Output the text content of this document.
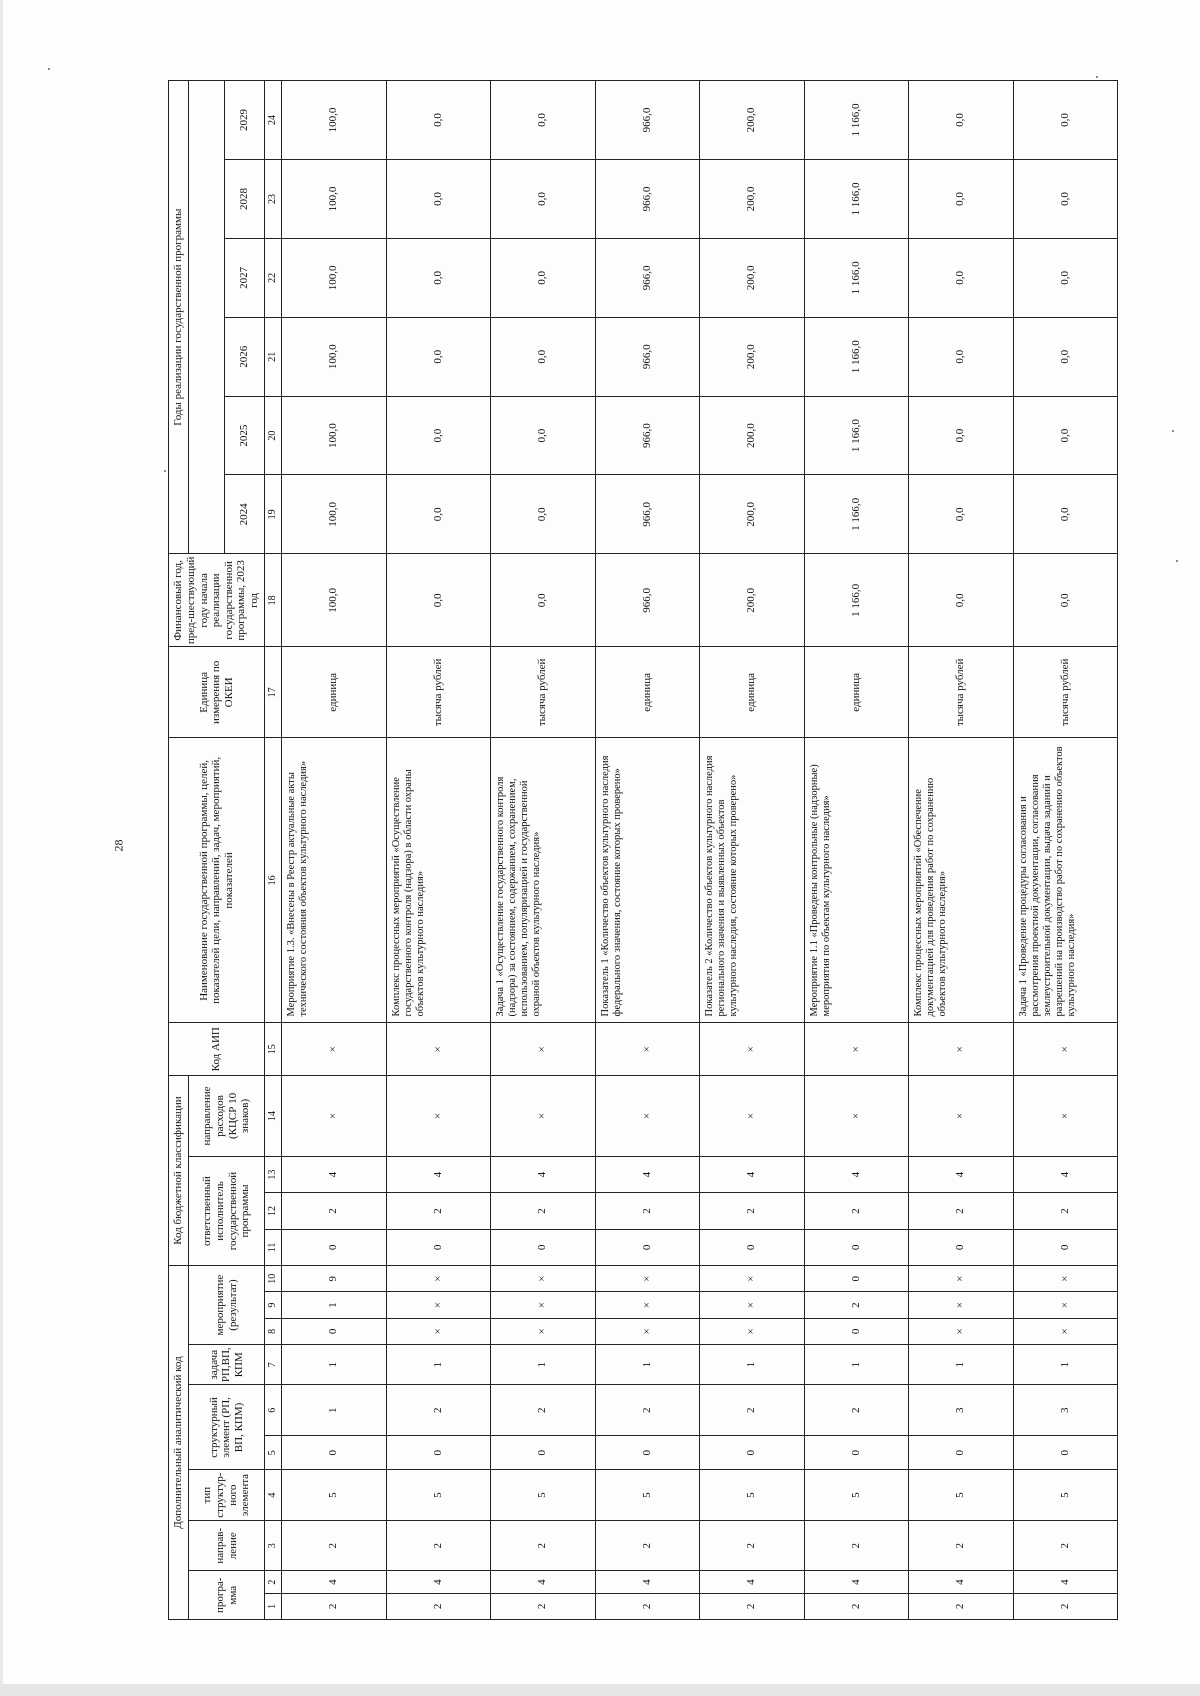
28
Дополнительный аналитический код										Код бюджетной классификации				Код АИП	Наименование государственной программы, целей, показателей цели, направлений, задач, мероприятий, показателей	Единица измерения по ОКЕИ	Финансовый год, пред-шествующий году начала реализации государственной программы, 2023 год	Годы реализации государственной программы					
програ-мма		направ-ление	тип структур-ного элемента	структурный элемент (РП, ВП, КПМ)		задача РП,ВП, КПМ	мероприятие (результат)			ответственный исполнитель государственной программы			направление расходов (КЦСР 10 знаков)										
																		2024	2025	2026	2027	2028	2029
1	2	3	4	5	6	7	8	9	10	11	12	13	14	15	16	17	18	19	20	21	22	23	24
2	4	2	5	0	1	1	0	1	9	0	2	4	×	×	Мероприятие 1.3. «Внесены в Реестр актуальные акты технического состояния объектов культурного наследия»	единица	100,0	100,0	100,0	100,0	100,0	100,0	100,0
2	4	2	5	0	2	1	×	×	×	0	2	4	×	×	Комплекс процессных мероприятий «Осуществление государственного контроля (надзора) в области охраны объектов культурного наследия»	тысяча рублей	0,0	0,0	0,0	0,0	0,0	0,0	0,0
2	4	2	5	0	2	1	×	×	×	0	2	4	×	×	Задача 1 «Осуществление государственного контроля (надзора) за состоянием, содержанием, сохранением, использованием, популяризацией и государственной охраной объектов культурного наследия»	тысяча рублей	0,0	0,0	0,0	0,0	0,0	0,0	0,0
2	4	2	5	0	2	1	×	×	×	0	2	4	×	×	Показатель 1 «Количество объектов культурного наследия федерального значения, состояние которых проверено»	единица	966,0	966,0	966,0	966,0	966,0	966,0	966,0
2	4	2	5	0	2	1	×	×	×	0	2	4	×	×	Показатель 2 «Количество объектов культурного наследия регионального значения и выявленных объектов культурного наследия, состояние которых проверено»	единица	200,0	200,0	200,0	200,0	200,0	200,0	200,0
2	4	2	5	0	2	1	0	2	0	0	2	4	×	×	Мероприятие 1.1 «Проведены контрольные (надзорные) мероприятия по объектам культурного наследия»	единица	1 166,0	1 166,0	1 166,0	1 166,0	1 166,0	1 166,0	1 166,0
2	4	2	5	0	3	1	×	×	×	0	2	4	×	×	Комплекс процессных мероприятий «Обеспечение документацией для проведения работ по сохранению объектов культурного наследия»	тысяча рублей	0,0	0,0	0,0	0,0	0,0	0,0	0,0
2	4	2	5	0	3	1	×	×	×	0	2	4	×	×	Задача 1 «Проведение процедуры согласования и рассмотрения проектной документации, согласования землеустроительной документации, выдача заданий и разрешений на производство работ по сохранению объектов культурного наследия»	тысяча рублей	0,0	0,0	0,0	0,0	0,0	0,0	0,0
